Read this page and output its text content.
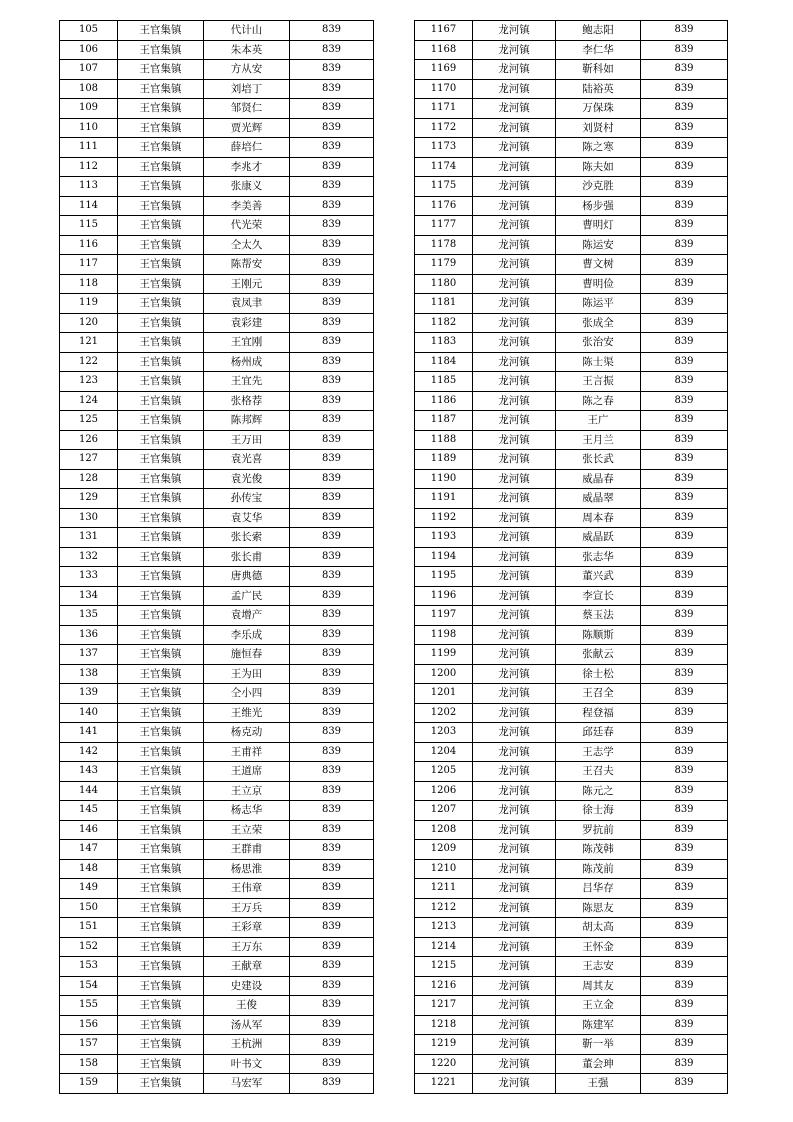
105	王官集镇	代计山	839
106	王官集镇	朱本英	839
107	王官集镇	方从安	839
108	王官集镇	刘培丁	839
109	王官集镇	邹贤仁	839
110	王官集镇	贾光辉	839
111	王官集镇	薛培仁	839
112	王官集镇	李兆才	839
113	王官集镇	张康义	839
114	王官集镇	李美善	839
115	王官集镇	代光荣	839
116	王官集镇	仝太久	839
117	王官集镇	陈帮安	839
118	王官集镇	王刚元	839
119	王官集镇	袁凤聿	839
120	王官集镇	袁彩建	839
121	王官集镇	王宜刚	839
122	王官集镇	杨州成	839
123	王官集镇	王宜先	839
124	王官集镇	张格荐	839
125	王官集镇	陈邦辉	839
126	王官集镇	王万田	839
127	王官集镇	袁光喜	839
128	王官集镇	袁光俊	839
129	王官集镇	孙传宝	839
130	王官集镇	袁艾华	839
131	王官集镇	张长索	839
132	王官集镇	张长甫	839
133	王官集镇	唐典德	839
134	王官集镇	孟广民	839
135	王官集镇	袁增产	839
136	王官集镇	李乐成	839
137	王官集镇	施恒春	839
138	王官集镇	王为田	839
139	王官集镇	仝小四	839
140	王官集镇	王维光	839
141	王官集镇	杨克动	839
142	王官集镇	王甫祥	839
143	王官集镇	王道席	839
144	王官集镇	王立京	839
145	王官集镇	杨志华	839
146	王官集镇	王立荣	839
147	王官集镇	王群甫	839
148	王官集镇	杨思淮	839
149	王官集镇	王伟章	839
150	王官集镇	王万兵	839
151	王官集镇	王彩章	839
152	王官集镇	王万东	839
153	王官集镇	王献章	839
154	王官集镇	史建设	839
155	王官集镇	王俊	839
156	王官集镇	汤从军	839
157	王官集镇	王杭洲	839
158	王官集镇	叶书文	839
159	王官集镇	马宏军	839
1167	龙河镇	鲍志阳	839
1168	龙河镇	李仁华	839
1169	龙河镇	靳科如	839
1170	龙河镇	陆裕英	839
1171	龙河镇	万保珠	839
1172	龙河镇	刘贤村	839
1173	龙河镇	陈之寒	839
1174	龙河镇	陈夫如	839
1175	龙河镇	沙克胜	839
1176	龙河镇	杨步强	839
1177	龙河镇	曹明灯	839
1178	龙河镇	陈运安	839
1179	龙河镇	曹文树	839
1180	龙河镇	曹明俭	839
1181	龙河镇	陈运平	839
1182	龙河镇	张成全	839
1183	龙河镇	张治安	839
1184	龙河镇	陈士渠	839
1185	龙河镇	王言振	839
1186	龙河镇	陈之春	839
1187	龙河镇	王广	839
1188	龙河镇	王月兰	839
1189	龙河镇	张长武	839
1190	龙河镇	威晶春	839
1191	龙河镇	威晶翠	839
1192	龙河镇	周本春	839
1193	龙河镇	威晶跃	839
1194	龙河镇	张志华	839
1195	龙河镇	董兴武	839
1196	龙河镇	李宣长	839
1197	龙河镇	蔡玉法	839
1198	龙河镇	陈顺斯	839
1199	龙河镇	张献云	839
1200	龙河镇	徐士松	839
1201	龙河镇	王召全	839
1202	龙河镇	程登福	839
1203	龙河镇	邱廷春	839
1204	龙河镇	王志学	839
1205	龙河镇	王召夫	839
1206	龙河镇	陈元之	839
1207	龙河镇	徐士海	839
1208	龙河镇	罗抗前	839
1209	龙河镇	陈茂韩	839
1210	龙河镇	陈茂前	839
1211	龙河镇	吕华存	839
1212	龙河镇	陈思友	839
1213	龙河镇	胡太高	839
1214	龙河镇	王怀金	839
1215	龙河镇	王志安	839
1216	龙河镇	周其友	839
1217	龙河镇	王立金	839
1218	龙河镇	陈建军	839
1219	龙河镇	靳一举	839
1220	龙河镇	董会珅	839
1221	龙河镇	王强	839
